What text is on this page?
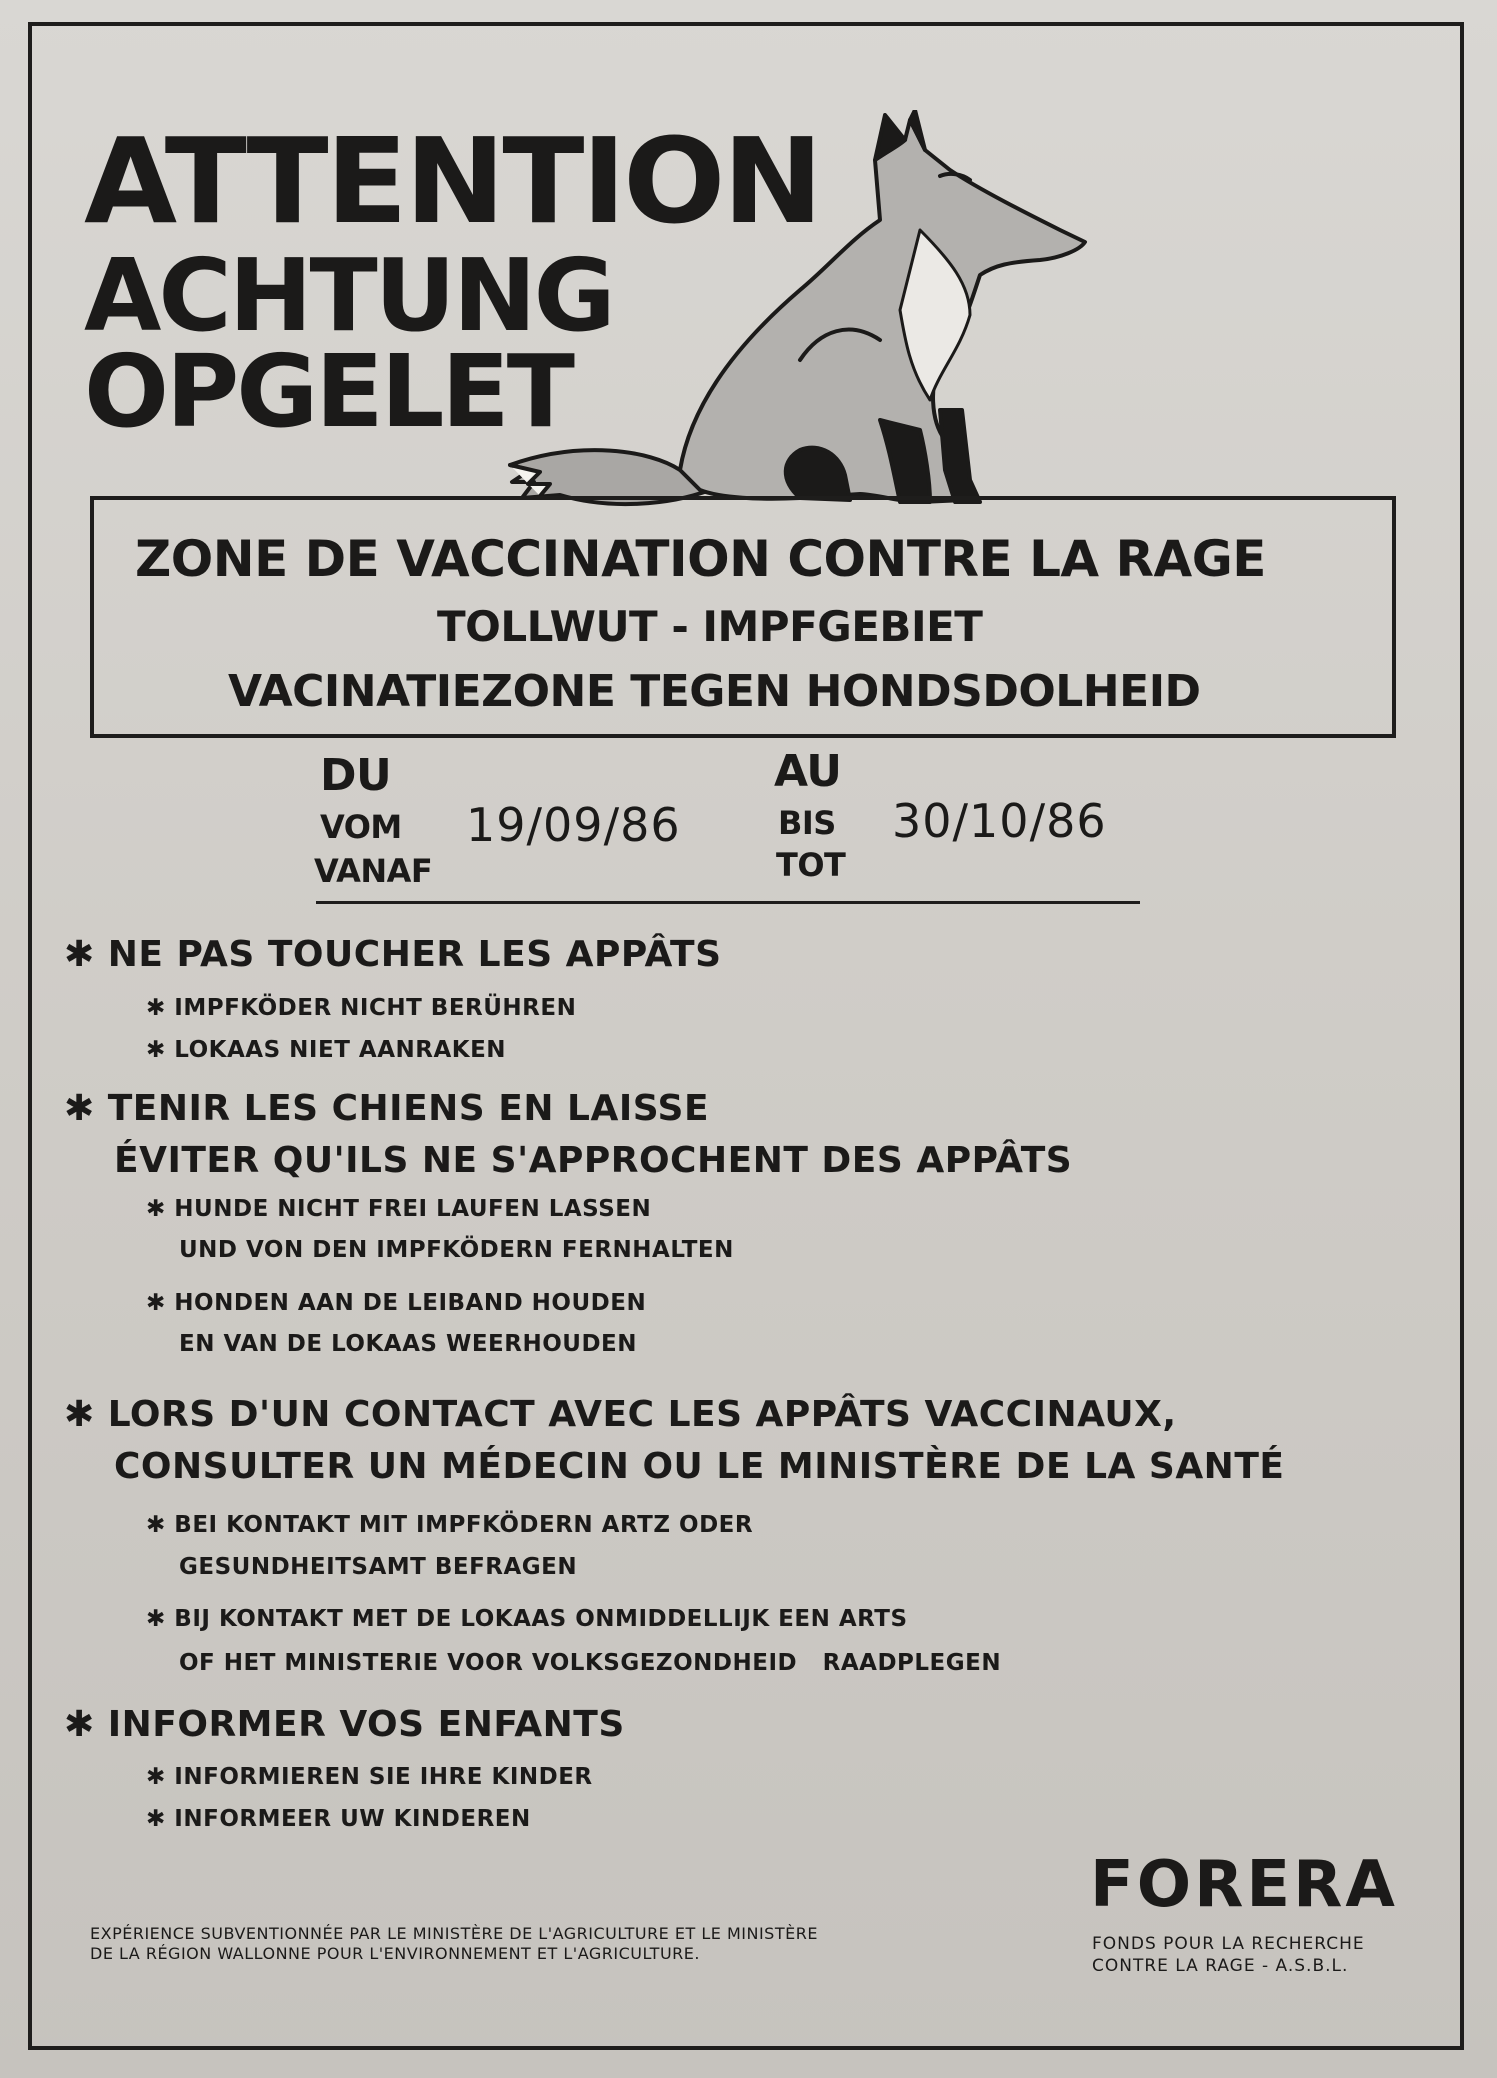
ATTENTION
ACHTUNG
OPGELET
ZONE DE VACCINATION CONTRE LA RAGE
TOLLWUT - IMPFGEBIET
VACINATIEZONE TEGEN HONDSDOLHEID
DU
VOM
VANAF
19/09/86
AU
BIS
TOT
30/10/86
✱ NE PAS TOUCHER LES APPÂTS
✱ IMPFKÖDER NICHT BERÜHREN
✱ LOKAAS NIET AANRAKEN
✱ TENIR LES CHIENS EN LAISSE
ÉVITER QU'ILS NE S'APPROCHENT DES APPÂTS
✱ HUNDE NICHT FREI LAUFEN LASSEN
UND VON DEN IMPFKÖDERN FERNHALTEN
✱ HONDEN AAN DE LEIBAND HOUDEN
EN VAN DE LOKAAS WEERHOUDEN
✱ LORS D'UN CONTACT AVEC LES APPÂTS VACCINAUX,
CONSULTER UN MÉDECIN OU LE MINISTÈRE DE LA SANTÉ
✱ BEI KONTAKT MIT IMPFKÖDERN ARTZ ODER
GESUNDHEITSAMT BEFRAGEN
✱ BIJ KONTAKT MET DE LOKAAS ONMIDDELLIJK EEN ARTS
OF HET MINISTERIE VOOR VOLKSGEZONDHEID   RAADPLEGEN
✱ INFORMER VOS ENFANTS
✱ INFORMIEREN SIE IHRE KINDER
✱ INFORMEER UW KINDEREN
EXPÉRIENCE SUBVENTIONNÉE PAR LE MINISTÈRE DE L'AGRICULTURE ET LE MINISTÈRE
DE LA RÉGION WALLONNE POUR L'ENVIRONNEMENT ET L'AGRICULTURE.
FORERA
FONDS POUR LA RECHERCHE
CONTRE LA RAGE - A.S.B.L.
